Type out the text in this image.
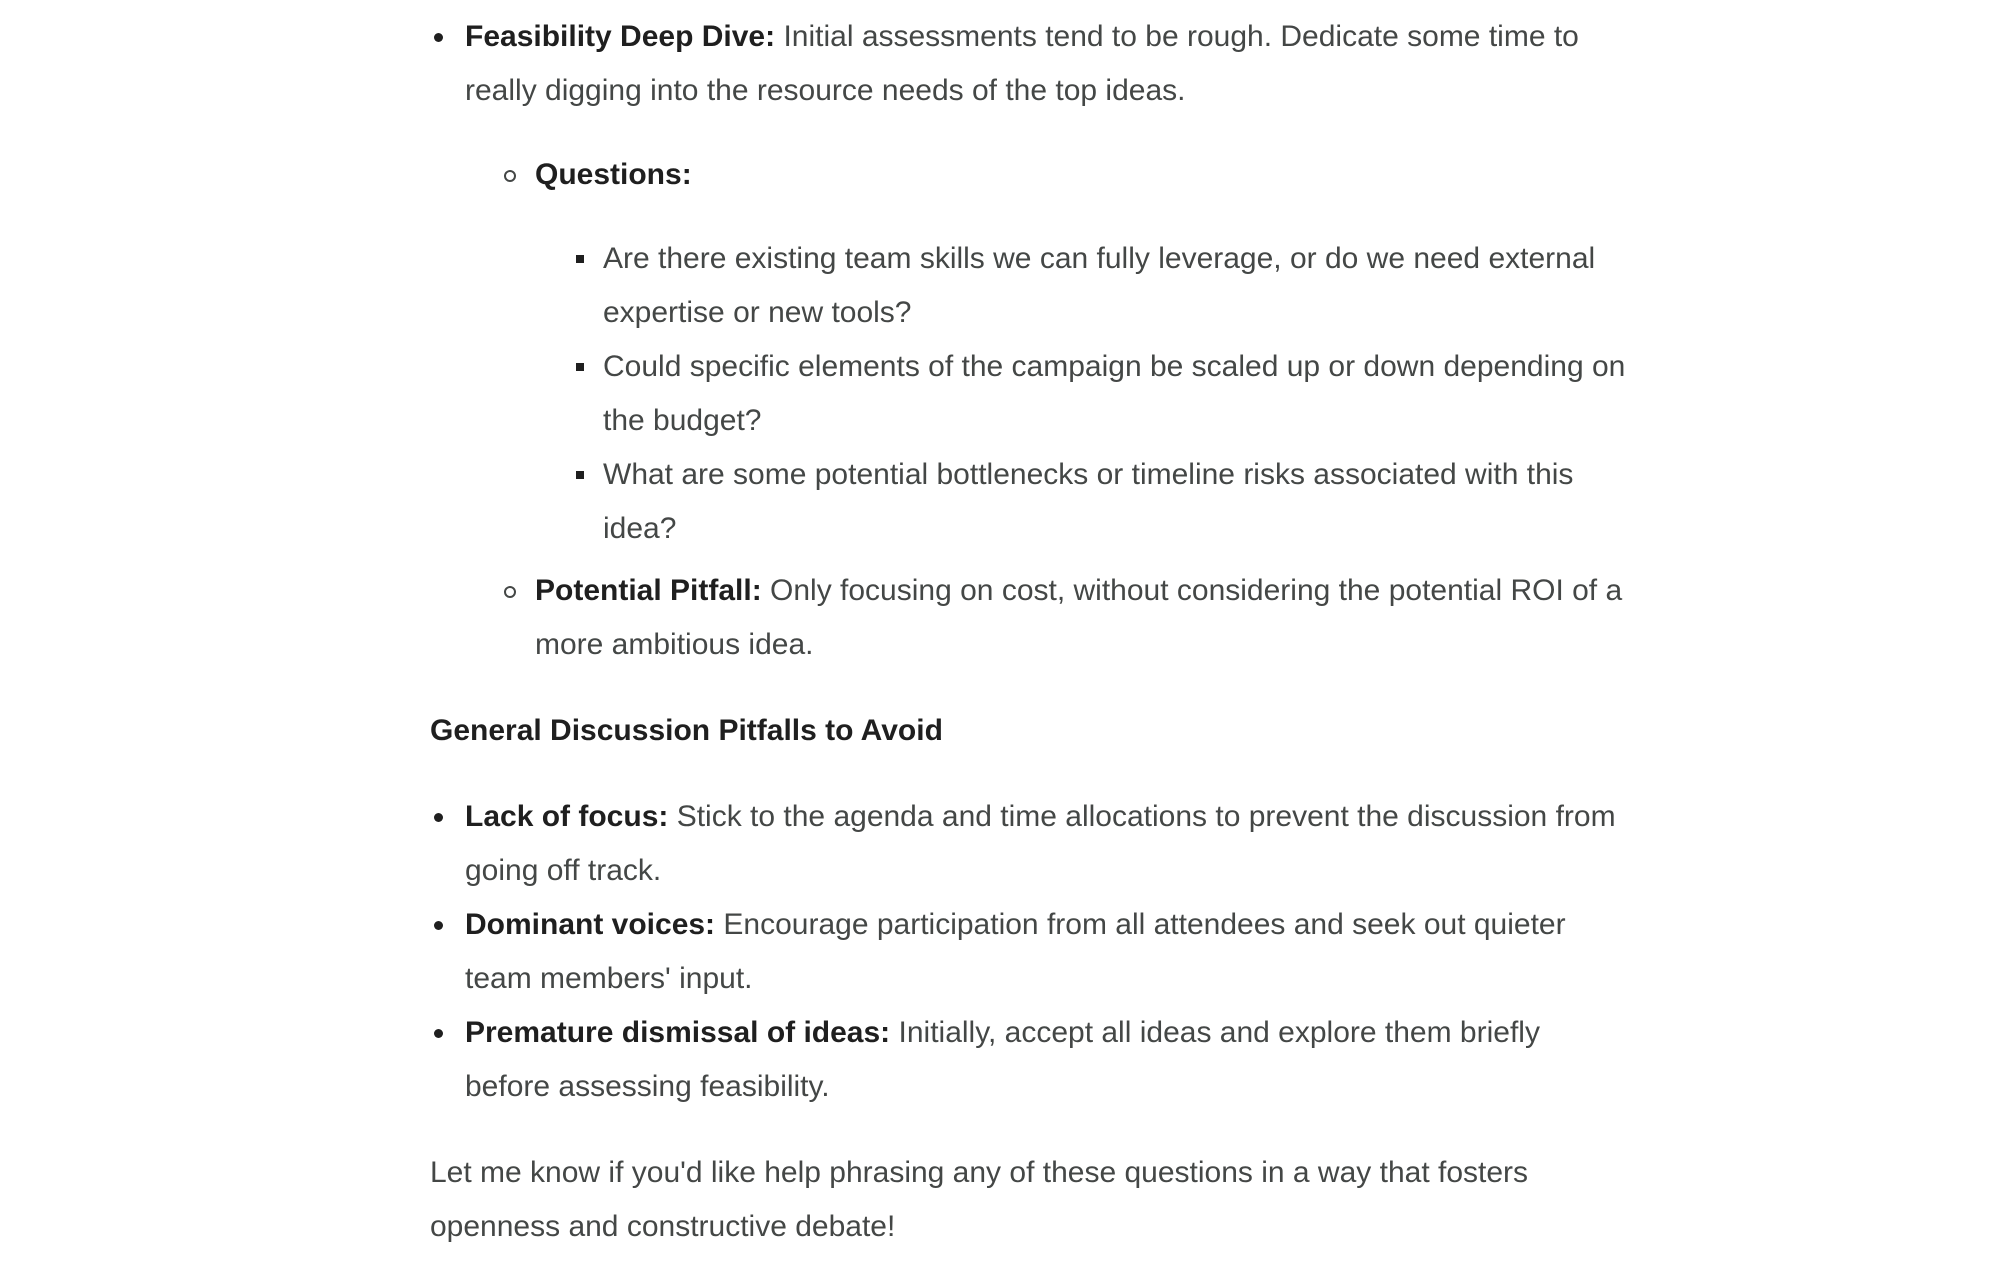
Feasibility Deep Dive: Initial assessments tend to be rough. Dedicate some time to really digging into the resource needs of the top ideas.
Questions:
Are there existing team skills we can fully leverage, or do we need external expertise or new tools?
Could specific elements of the campaign be scaled up or down depending on the budget?
What are some potential bottlenecks or timeline risks associated with this idea?
Potential Pitfall: Only focusing on cost, without considering the potential ROI of a more ambitious idea.
General Discussion Pitfalls to Avoid
Lack of focus: Stick to the agenda and time allocations to prevent the discussion from going off track.
Dominant voices: Encourage participation from all attendees and seek out quieter team members' input.
Premature dismissal of ideas: Initially, accept all ideas and explore them briefly before assessing feasibility.
Let me know if you'd like help phrasing any of these questions in a way that fosters openness and constructive debate!
